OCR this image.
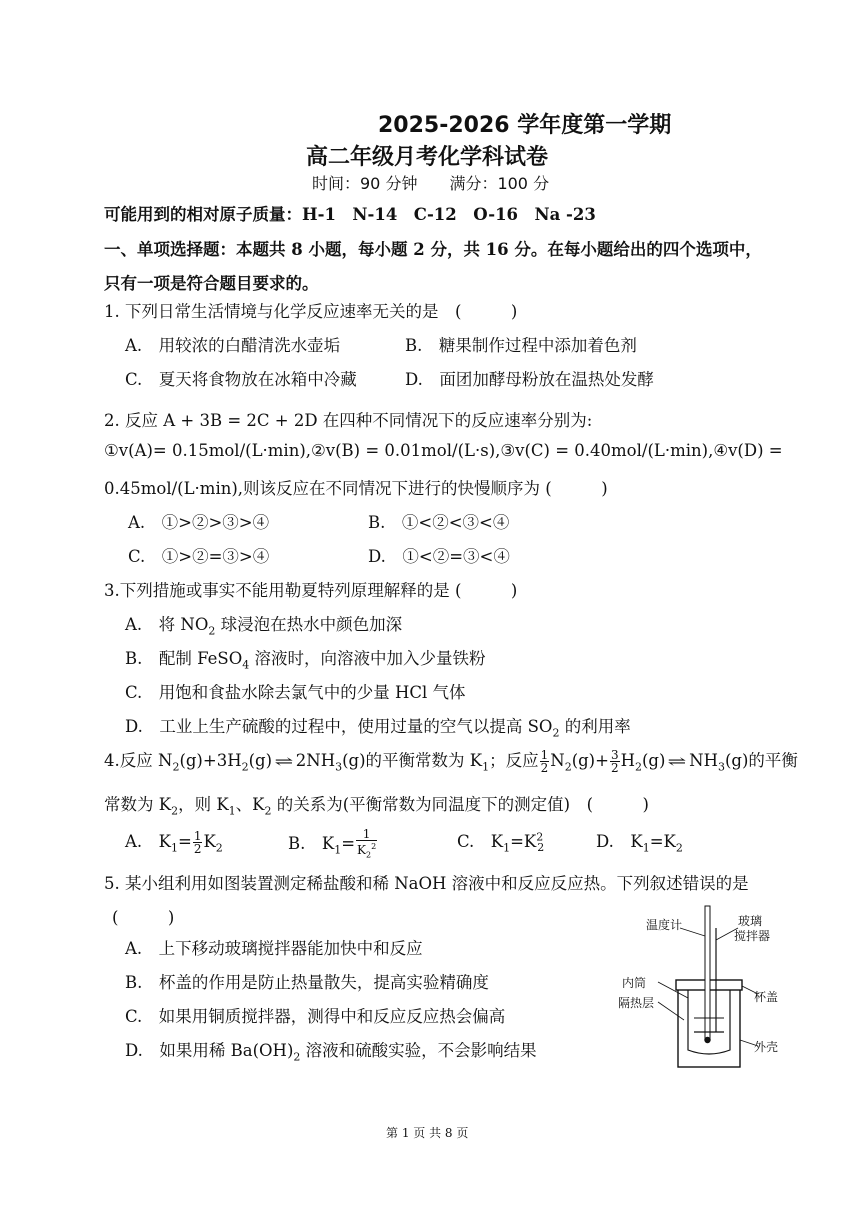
2025-2026 学年度第一学期
高二年级月考化学科试卷
时间：90 分钟　　满分：100 分
可能用到的相对原子质量：H-1　N-14　C-12　O-16　Na -23
一、单项选择题：本题共 8 小题，每小题 2 分，共 16 分。在每小题给出的四个选项中，
只有一项是符合题目要求的。
1. 下列日常生活情境与化学反应速率无关的是　(　　　)
A.　用较浓的白醋清洗水壶垢	B.　糖果制作过程中添加着色剂
C.　夏天将食物放在冰箱中冷藏	D.　面团加酵母粉放在温热处发酵
2. 反应 A + 3B = 2C + 2D 在四种不同情况下的反应速率分别为:
①v(A)= 0.15mol/(L·min),②v(B) = 0.01mol/(L·s),③v(C) = 0.40mol/(L·min),④v(D) =
0.45mol/(L·min),则该反应在不同情况下进行的快慢顺序为 (　　　)
A.　①>②>③>④	B.　①<②<③<④
C.　①>②=③>④	D.　①<②=③<④
3.下列措施或事实不能用勒夏特列原理解释的是 (　　　)
A.　将 $NO_2$ 球浸泡在热水中颜色加深
B.　配制 FeSO$_4$ 溶液时，向溶液中加入少量铁粉
C.　用饱和食盐水除去氯气中的少量 HCl 气体
D.　工业上生产硫酸的过程中，使用过量的空气以提高 $SO_2$ 的利用率
4.反应 $N_2(g)+3H_2(g)$ ⇌ $2NH_3(g)$的平衡常数为 $K_1$；反应 $\frac{1}{2} N_2(g)+ \frac{3}{2} H_2(g)$ ⇌ $NH_3(g)$的平衡
常数为 $K_2$，则 $K_1$、$K_2$ 的关系为(平衡常数为同温度下的测定值)　(　　　)
A.　$K_1= \frac{1}{2} K_2$	B.　$K_1= \frac{1}{K_2^2}$	C.　$K_1=K^2_2$	D.　$K_1=K_2$
5. 某小组利用如图装置测定稀盐酸和稀 NaOH 溶液中和反应反应热。下列叙述错误的是
(　　　)
A.　上下移动玻璃搅拌器能加快中和反应
B.　杯盖的作用是防止热量散失，提高实验精确度
C.　如果用铜质搅拌器，测得中和反应反应热会偏高
D.　如果用稀 $Ba(OH)_2$ 溶液和硫酸实验，不会影响结果
温度计	玻璃
搅拌器
内筒
隔热层	杯盖
外壳
第 1 页 共 8 页
